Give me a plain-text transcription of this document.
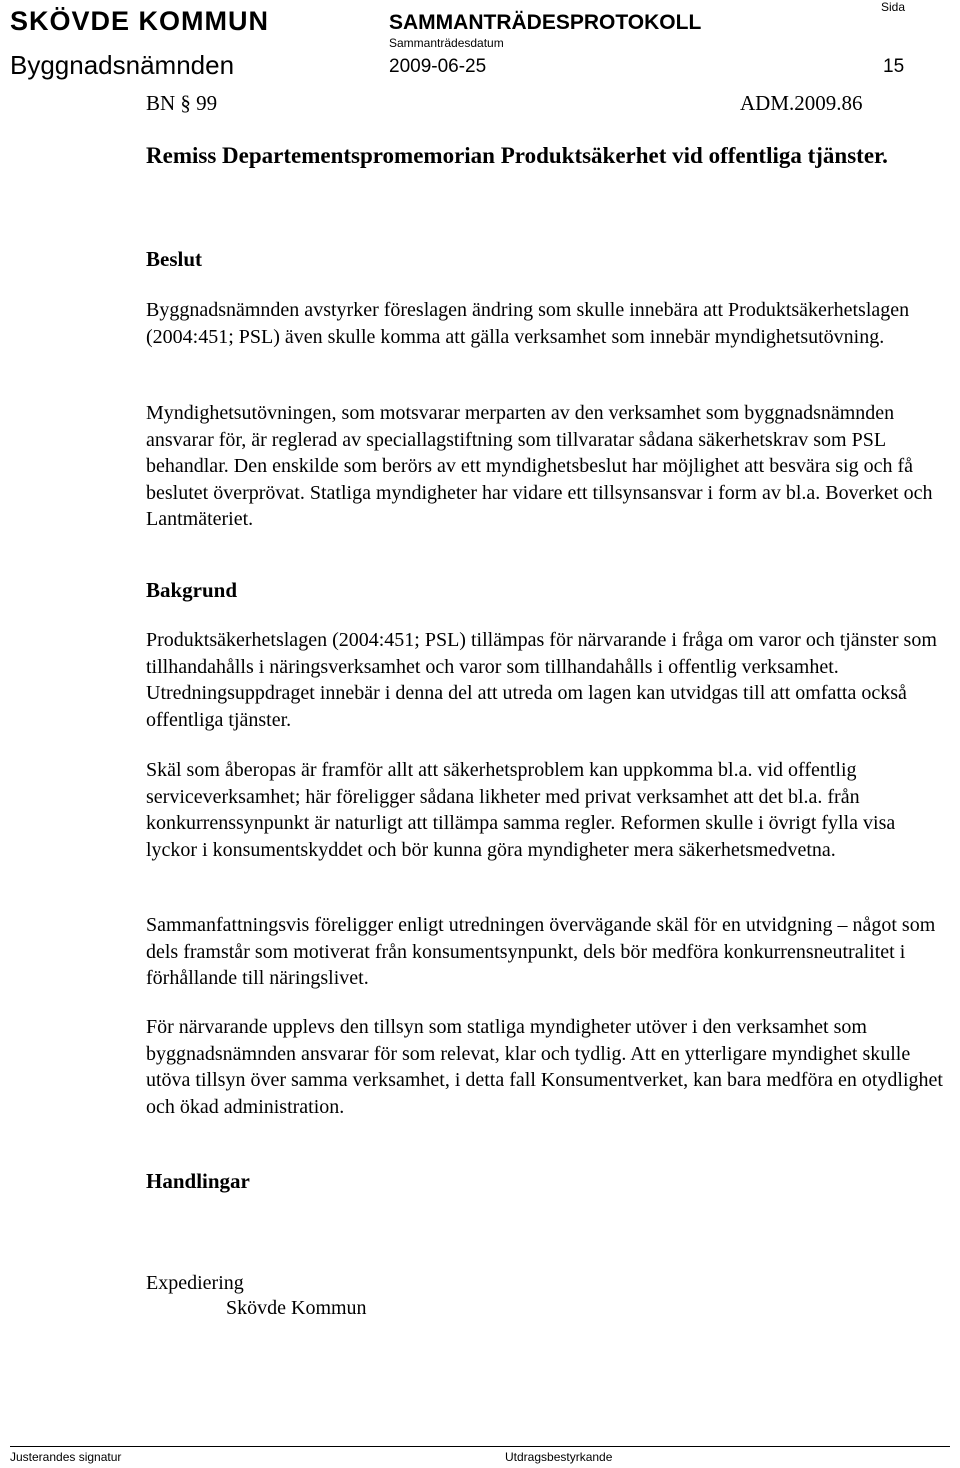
SKÖVDE KOMMUN	SAMMANTRÄDESPROTOKOLL
Sammanträdesdatum
Sida
Byggnadsnämnden	2009-06-25	15
BN § 99	ADM.2009.86
Remiss Departementspromemorian Produktsäkerhet vid offentliga tjänster.
Beslut
Byggnadsnämnden avstyrker föreslagen ändring som skulle innebära att Produktsäkerhetslagen (2004:451; PSL) även skulle komma att gälla verksamhet som innebär myndighetsutövning.
Myndighetsutövningen, som motsvarar merparten av den verksamhet som byggnadsnämnden ansvarar för, är reglerad av speciallagstiftning som tillvaratar sådana säkerhetskrav som PSL behandlar. Den enskilde som berörs av ett myndighetsbeslut har möjlighet att besvära sig och få beslutet överprövat. Statliga myndigheter har vidare ett tillsynsansvar i form av bl.a. Boverket och Lantmäteriet.
Bakgrund
Produktsäkerhetslagen (2004:451; PSL) tillämpas för närvarande i fråga om varor och tjänster som tillhandahålls i näringsverksamhet och varor som tillhandahålls i offentlig verksamhet. Utredningsuppdraget innebär i denna del att utreda om lagen kan utvidgas till att omfatta också offentliga tjänster.
Skäl som åberopas är framför allt att säkerhetsproblem kan uppkomma bl.a. vid offentlig serviceverksamhet; här föreligger sådana likheter med privat verksamhet att det bl.a. från konkurrenssynpunkt är naturligt att tillämpa samma regler. Reformen skulle i övrigt fylla visa lyckor i konsumentskyddet och bör kunna göra myndigheter mera säkerhetsmedvetna.
Sammanfattningsvis föreligger enligt utredningen övervägande skäl för en utvidgning – något som dels framstår som motiverat från konsumentsynpunkt, dels bör medföra konkurrensneutralitet i förhållande till näringslivet.
För närvarande upplevs den tillsyn som statliga myndigheter utöver i den verksamhet som byggnadsnämnden ansvarar för som relevat, klar och tydlig. Att en ytterligare myndighet skulle utöva tillsyn över samma verksamhet, i detta fall Konsumentverket, kan bara medföra en otydlighet och ökad administration.
Handlingar
Expediering
Skövde Kommun
Justerandes signatur	Utdragsbestyrkande
